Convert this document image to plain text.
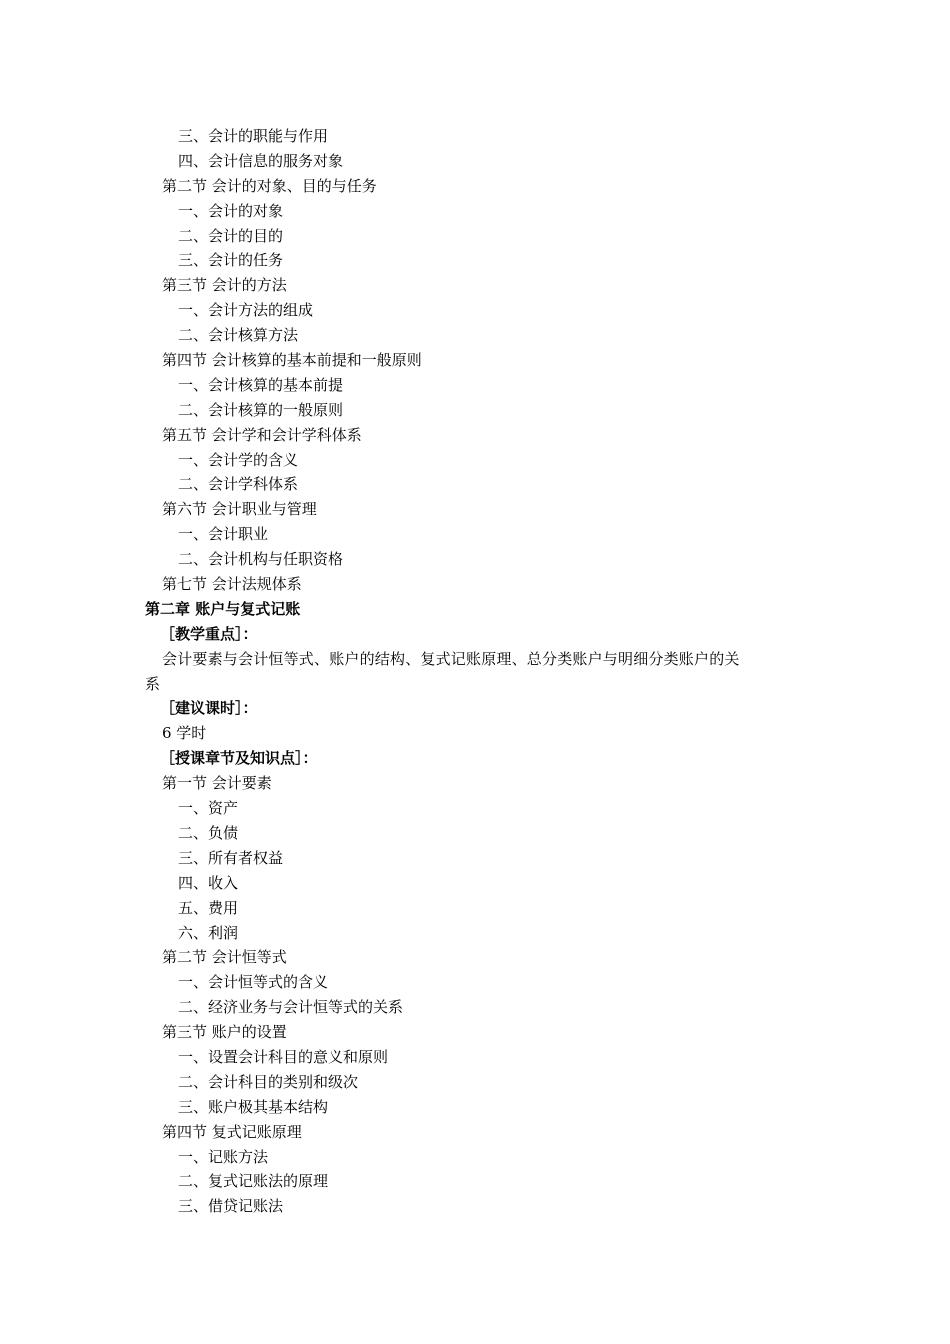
三、会计的职能与作用
四、会计信息的服务对象
第二节 会计的对象、目的与任务
一、会计的对象
二、会计的目的
三、会计的任务
第三节 会计的方法
一、会计方法的组成
二、会计核算方法
第四节 会计核算的基本前提和一般原则
一、会计核算的基本前提
二、会计核算的一般原则
第五节 会计学和会计学科体系
一、会计学的含义
二、会计学科体系
第六节 会计职业与管理
一、会计职业
二、会计机构与任职资格
第七节 会计法规体系
第二章 账户与复式记账
［教学重点］：
会计要素与会计恒等式、账户的结构、复式记账原理、总分类账户与明细分类账户的关
系
［建议课时］：
6 学时
［授课章节及知识点］：
第一节 会计要素
一、资产
二、负债
三、所有者权益
四、收入
五、费用
六、利润
第二节 会计恒等式
一、会计恒等式的含义
二、经济业务与会计恒等式的关系
第三节 账户的设置
一、设置会计科目的意义和原则
二、会计科目的类别和级次
三、账户极其基本结构
第四节 复式记账原理
一、记账方法
二、复式记账法的原理
三、借贷记账法
